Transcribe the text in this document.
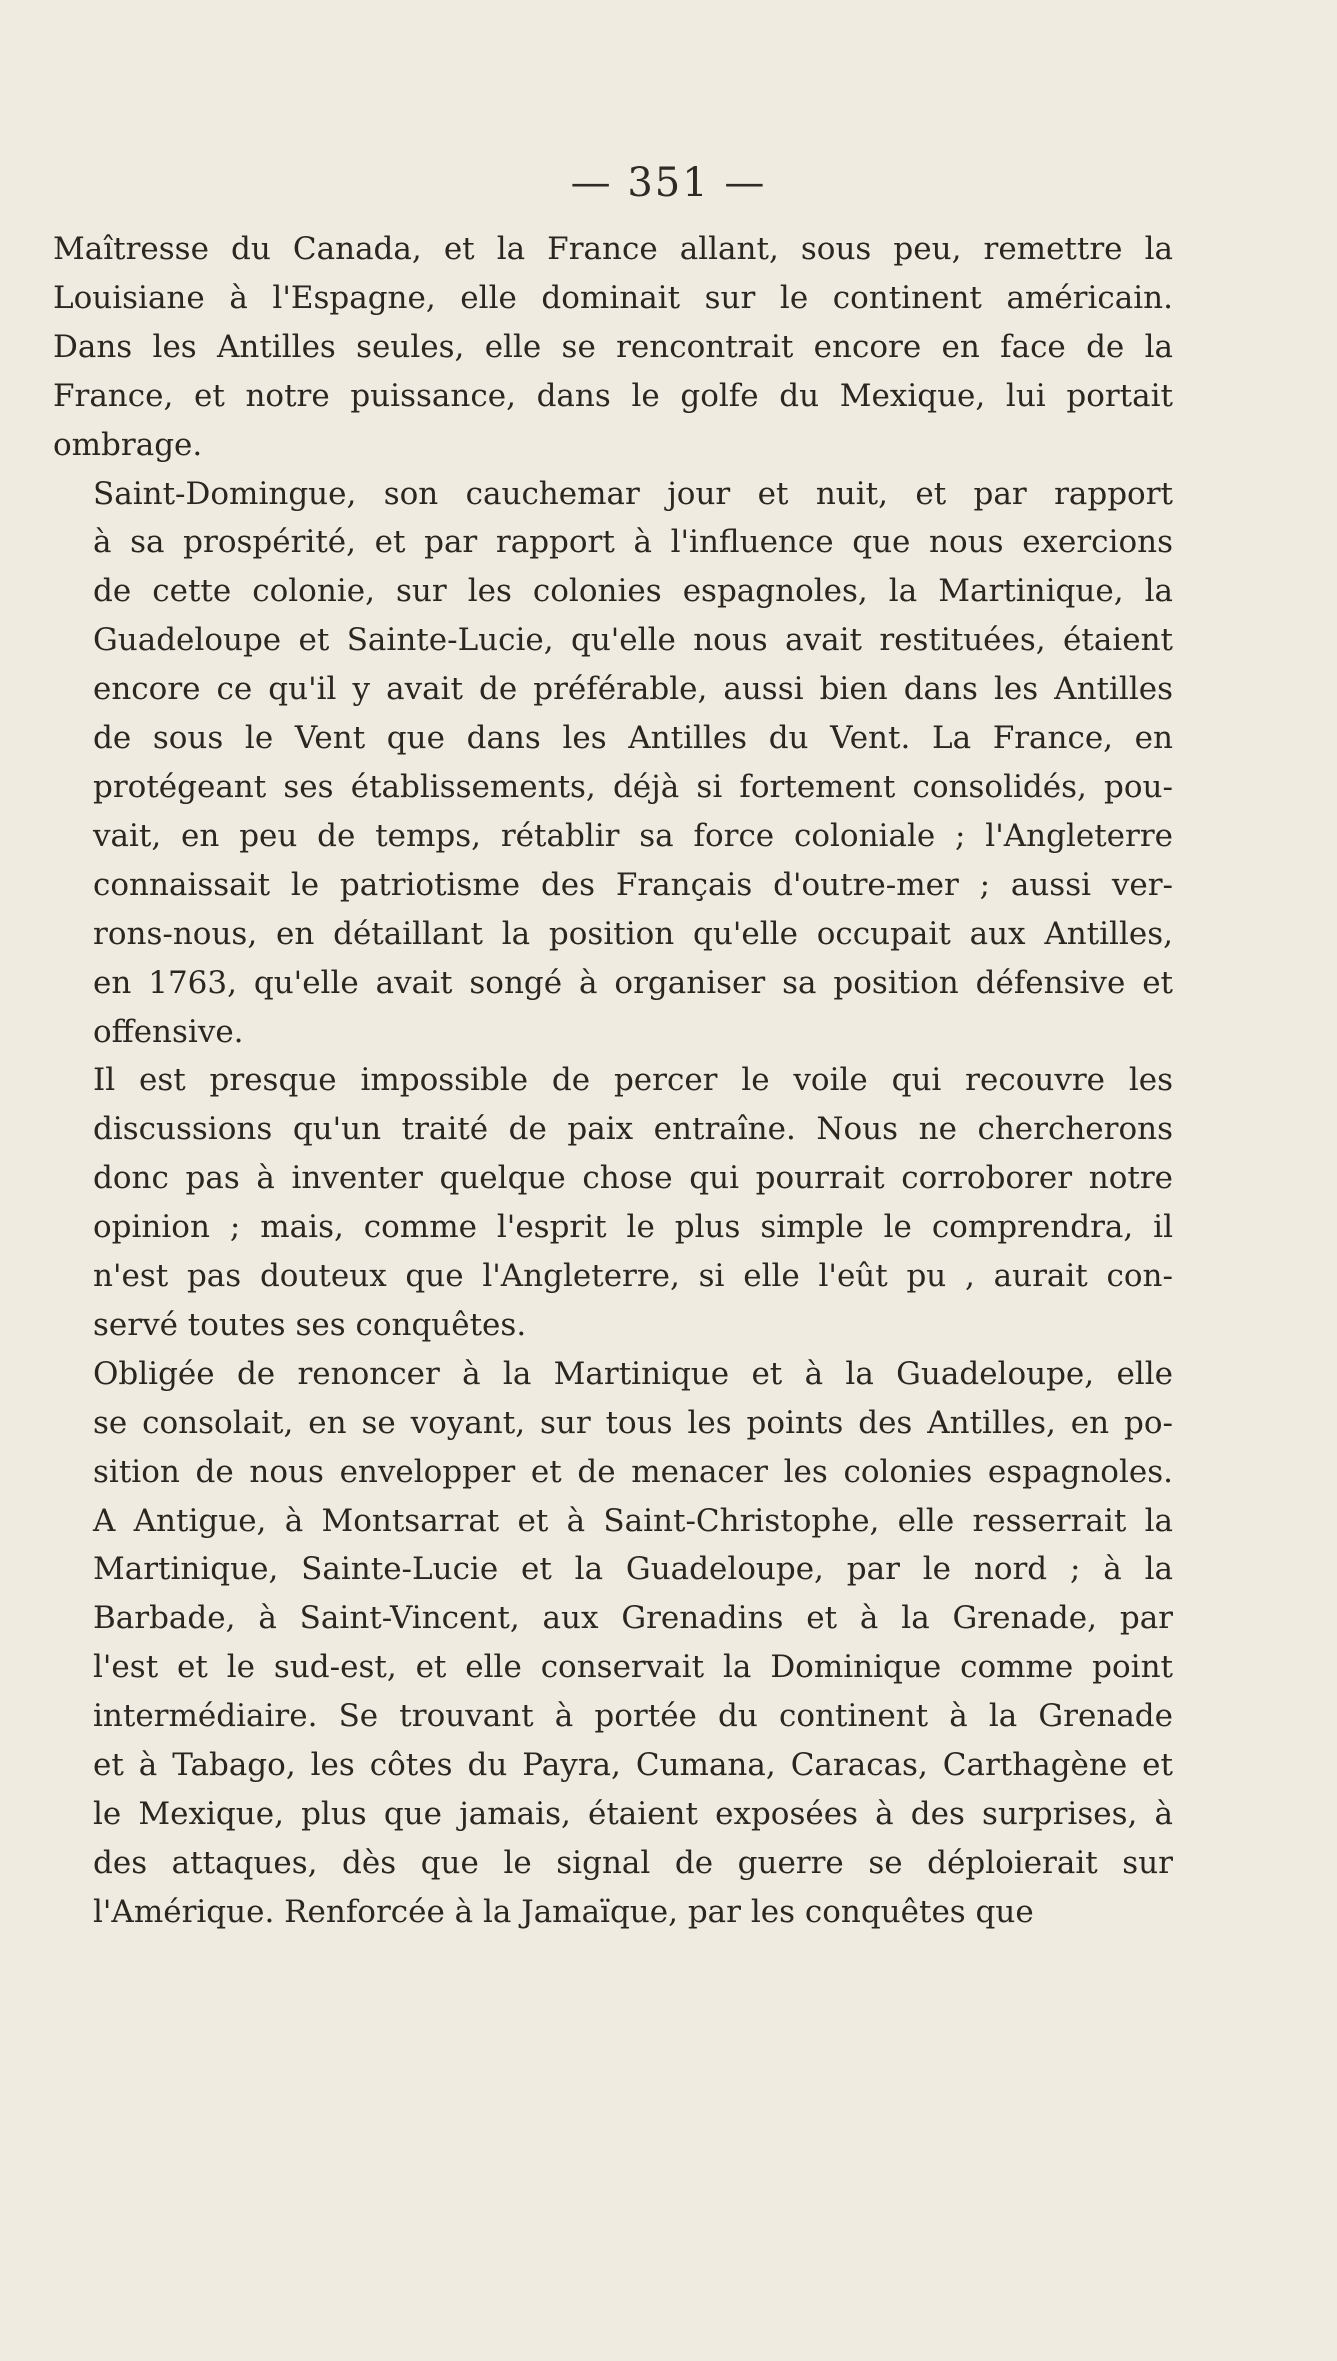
— 351 —
Maîtresse du Canada, et la France allant, sous peu, remettre la
Louisiane à l'Espagne, elle dominait sur le continent américain.
Dans les Antilles seules, elle se rencontrait encore en face de la
France, et notre puissance, dans le golfe du Mexique, lui portait
ombrage.
Saint-Domingue, son cauchemar jour et nuit, et par rapport
à sa prospérité, et par rapport à l'influence que nous exercions
de cette colonie, sur les colonies espagnoles, la Martinique, la
Guadeloupe et Sainte-Lucie, qu'elle nous avait restituées, étaient
encore ce qu'il y avait de préférable, aussi bien dans les Antilles
de sous le Vent que dans les Antilles du Vent. La France, en
protégeant ses établissements, déjà si fortement consolidés, pou-
vait, en peu de temps, rétablir sa force coloniale ; l'Angleterre
connaissait le patriotisme des Français d'outre-mer ; aussi ver-
rons-nous, en détaillant la position qu'elle occupait aux Antilles,
en 1763, qu'elle avait songé à organiser sa position défensive et
offensive.
Il est presque impossible de percer le voile qui recouvre les
discussions qu'un traité de paix entraîne. Nous ne chercherons
donc pas à inventer quelque chose qui pourrait corroborer notre
opinion ; mais, comme l'esprit le plus simple le comprendra, il
n'est pas douteux que l'Angleterre, si elle l'eût pu , aurait con-
servé toutes ses conquêtes.
Obligée de renoncer à la Martinique et à la Guadeloupe, elle
se consolait, en se voyant, sur tous les points des Antilles, en po-
sition de nous envelopper et de menacer les colonies espagnoles.
A Antigue, à Montsarrat et à Saint-Christophe, elle resserrait la
Martinique, Sainte-Lucie et la Guadeloupe, par le nord ; à la
Barbade, à Saint-Vincent, aux Grenadins et à la Grenade, par
l'est et le sud-est, et elle conservait la Dominique comme point
intermédiaire. Se trouvant à portée du continent à la Grenade
et à Tabago, les côtes du Payra, Cumana, Caracas, Carthagène et
le Mexique, plus que jamais, étaient exposées à des surprises, à
des attaques, dès que le signal de guerre se déploierait sur
l'Amérique. Renforcée à la Jamaïque, par les conquêtes que
